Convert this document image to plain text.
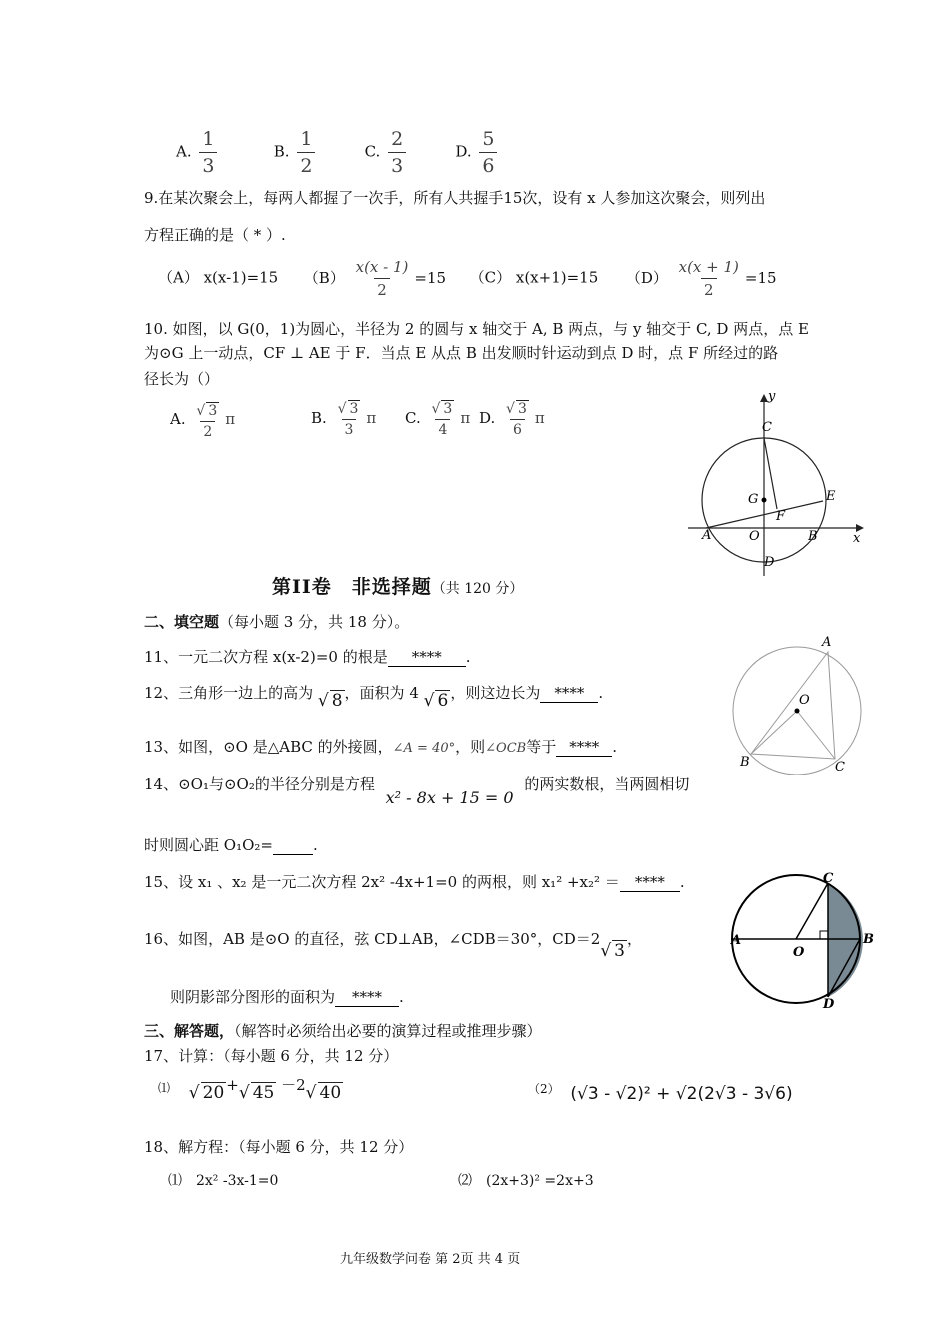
A. $\frac{1}{3}$	B. $\frac{1}{2}$	C. $\frac{2}{3}$	D. $\frac{5}{6}$
9.在某次聚会上，每两人都握了一次手，所有人共握手15次，设有 x 人参加这次聚会，则列出
方程正确的是（ * ）.
（A） x(x-1)=15 $(B) \frac{x(x - 1)}{2} =15$ （C） x(x+1)=15 $(D) \frac{x(x + 1)}{2} =15$
10. 如图，以 G(0，1)为圆心，半径为 2 的圆与 x 轴交于 A, B 两点，与 y 轴交于 C, D 两点，点 E
为⊙G 上一动点，CF ⊥ AE 于 F．当点 E 从点 B 出发顺时针运动到点 D 时，点 F 所经过的路
径长为（）
A. $\frac{√ 3}{2}$ π	B. $\frac{√ 3}{3}$ π C. $\frac{√ 3}{4}$ π D. $\frac{√ 3}{6}$ π
y
C
G	E
F
A	O	B	x
D
第II卷　非选择题（共 120 分）
二、填空题（每小题 3 分，共 18 分）。
11、一元二次方程 x(x-2)=0 的根是 **** .
12、三角形一边上的高为 √ 8 ，面积为 4 √ 6 ，则这边长为 **** .
13、如图，⊙O 是△ABC 的外接圆，∠A = 40°，则∠OCB等于 **** .
A
O
B	C
14、⊙O₁与⊙O₂的半径分别是方程 x² - 8x + 15 = 0 的两实数根，当两圆相切
时则圆心距 O₁O₂=	.
15、设 x₁ 、x₂ 是一元二次方程 2x² -4x+1=0 的两根，则 x₁² +x₂² ＝ **** .
16、如图，AB 是⊙O 的直径，弦 CD⊥AB，∠CDB＝30°，CD＝2√ 3，
则阴影部分图形的面积为 **** .
C
A
O
B
D
三、解答题，（解答时必须给出必要的演算过程或推理步骤）
17、计算：（每小题 6 分，共 12 分）
⑴ √ 20 +√ 45 －2√ 40	$^{(2)}$ (√3 - √2)² + √2(2√3 - 3√6)
18、解方程：（每小题 6 分，共 12 分）
⑴　2x² -3x-1=0	⑵　(2x+3)² =2x+3
九年级数学问卷 第 2页 共 4 页
